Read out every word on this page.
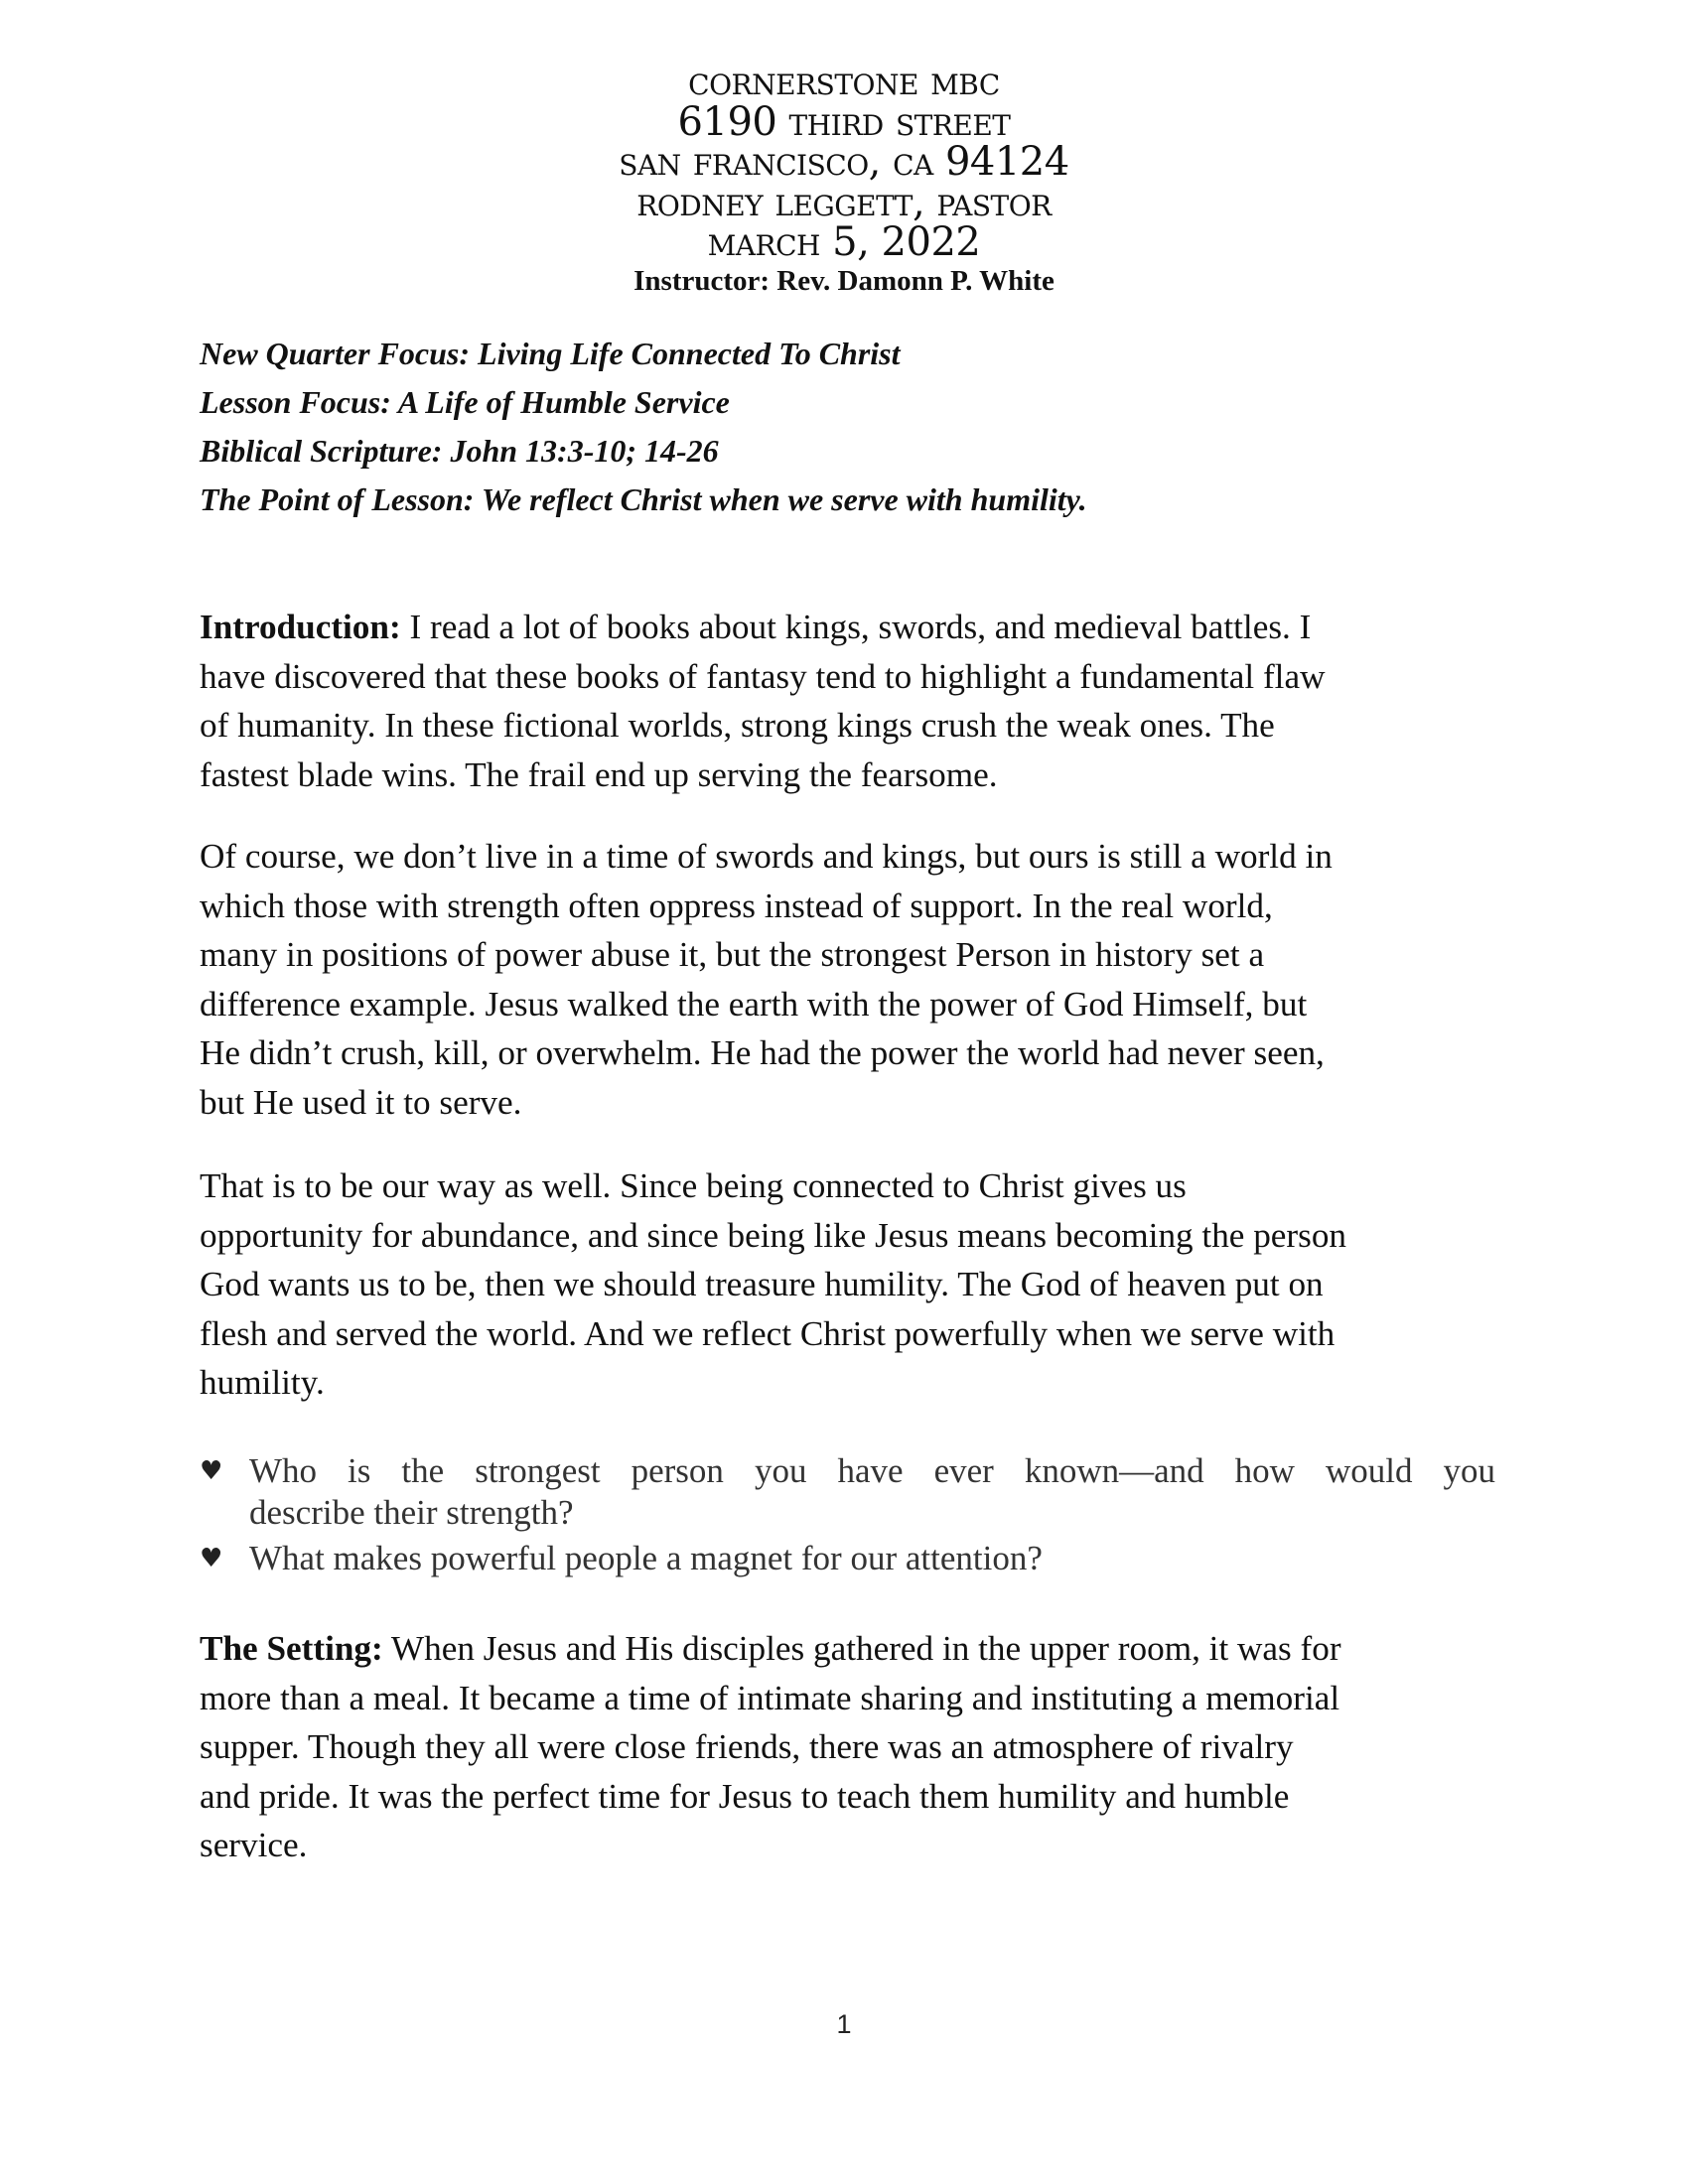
cornerstone mbc
6190 third street
san francisco, ca 94124
rodney leggett, pastor
march 5, 2022
Instructor: Rev. Damonn P. White
New Quarter Focus: Living Life Connected To Christ
Lesson Focus: A Life of Humble Service
Biblical Scripture: John 13:3-10; 14-26
The Point of Lesson: We reflect Christ when we serve with humility.
Introduction: I read a lot of books about kings, swords, and medieval battles. I
have discovered that these books of fantasy tend to highlight a fundamental flaw
of humanity. In these fictional worlds, strong kings crush the weak ones. The
fastest blade wins. The frail end up serving the fearsome.
Of course, we don’t live in a time of swords and kings, but ours is still a world in
which those with strength often oppress instead of support. In the real world,
many in positions of power abuse it, but the strongest Person in history set a
difference example. Jesus walked the earth with the power of God Himself, but
He didn’t crush, kill, or overwhelm. He had the power the world had never seen,
but He used it to serve.
That is to be our way as well. Since being connected to Christ gives us
opportunity for abundance, and since being like Jesus means becoming the person
God wants us to be, then we should treasure humility. The God of heaven put on
flesh and served the world. And we reflect Christ powerfully when we serve with
humility.
♥ Who is the strongest person you have ever known—and how would you
describe their strength?
♥ What makes powerful people a magnet for our attention?
The Setting: When Jesus and His disciples gathered in the upper room, it was for
more than a meal. It became a time of intimate sharing and instituting a memorial
supper. Though they all were close friends, there was an atmosphere of rivalry
and pride. It was the perfect time for Jesus to teach them humility and humble
service.
1
